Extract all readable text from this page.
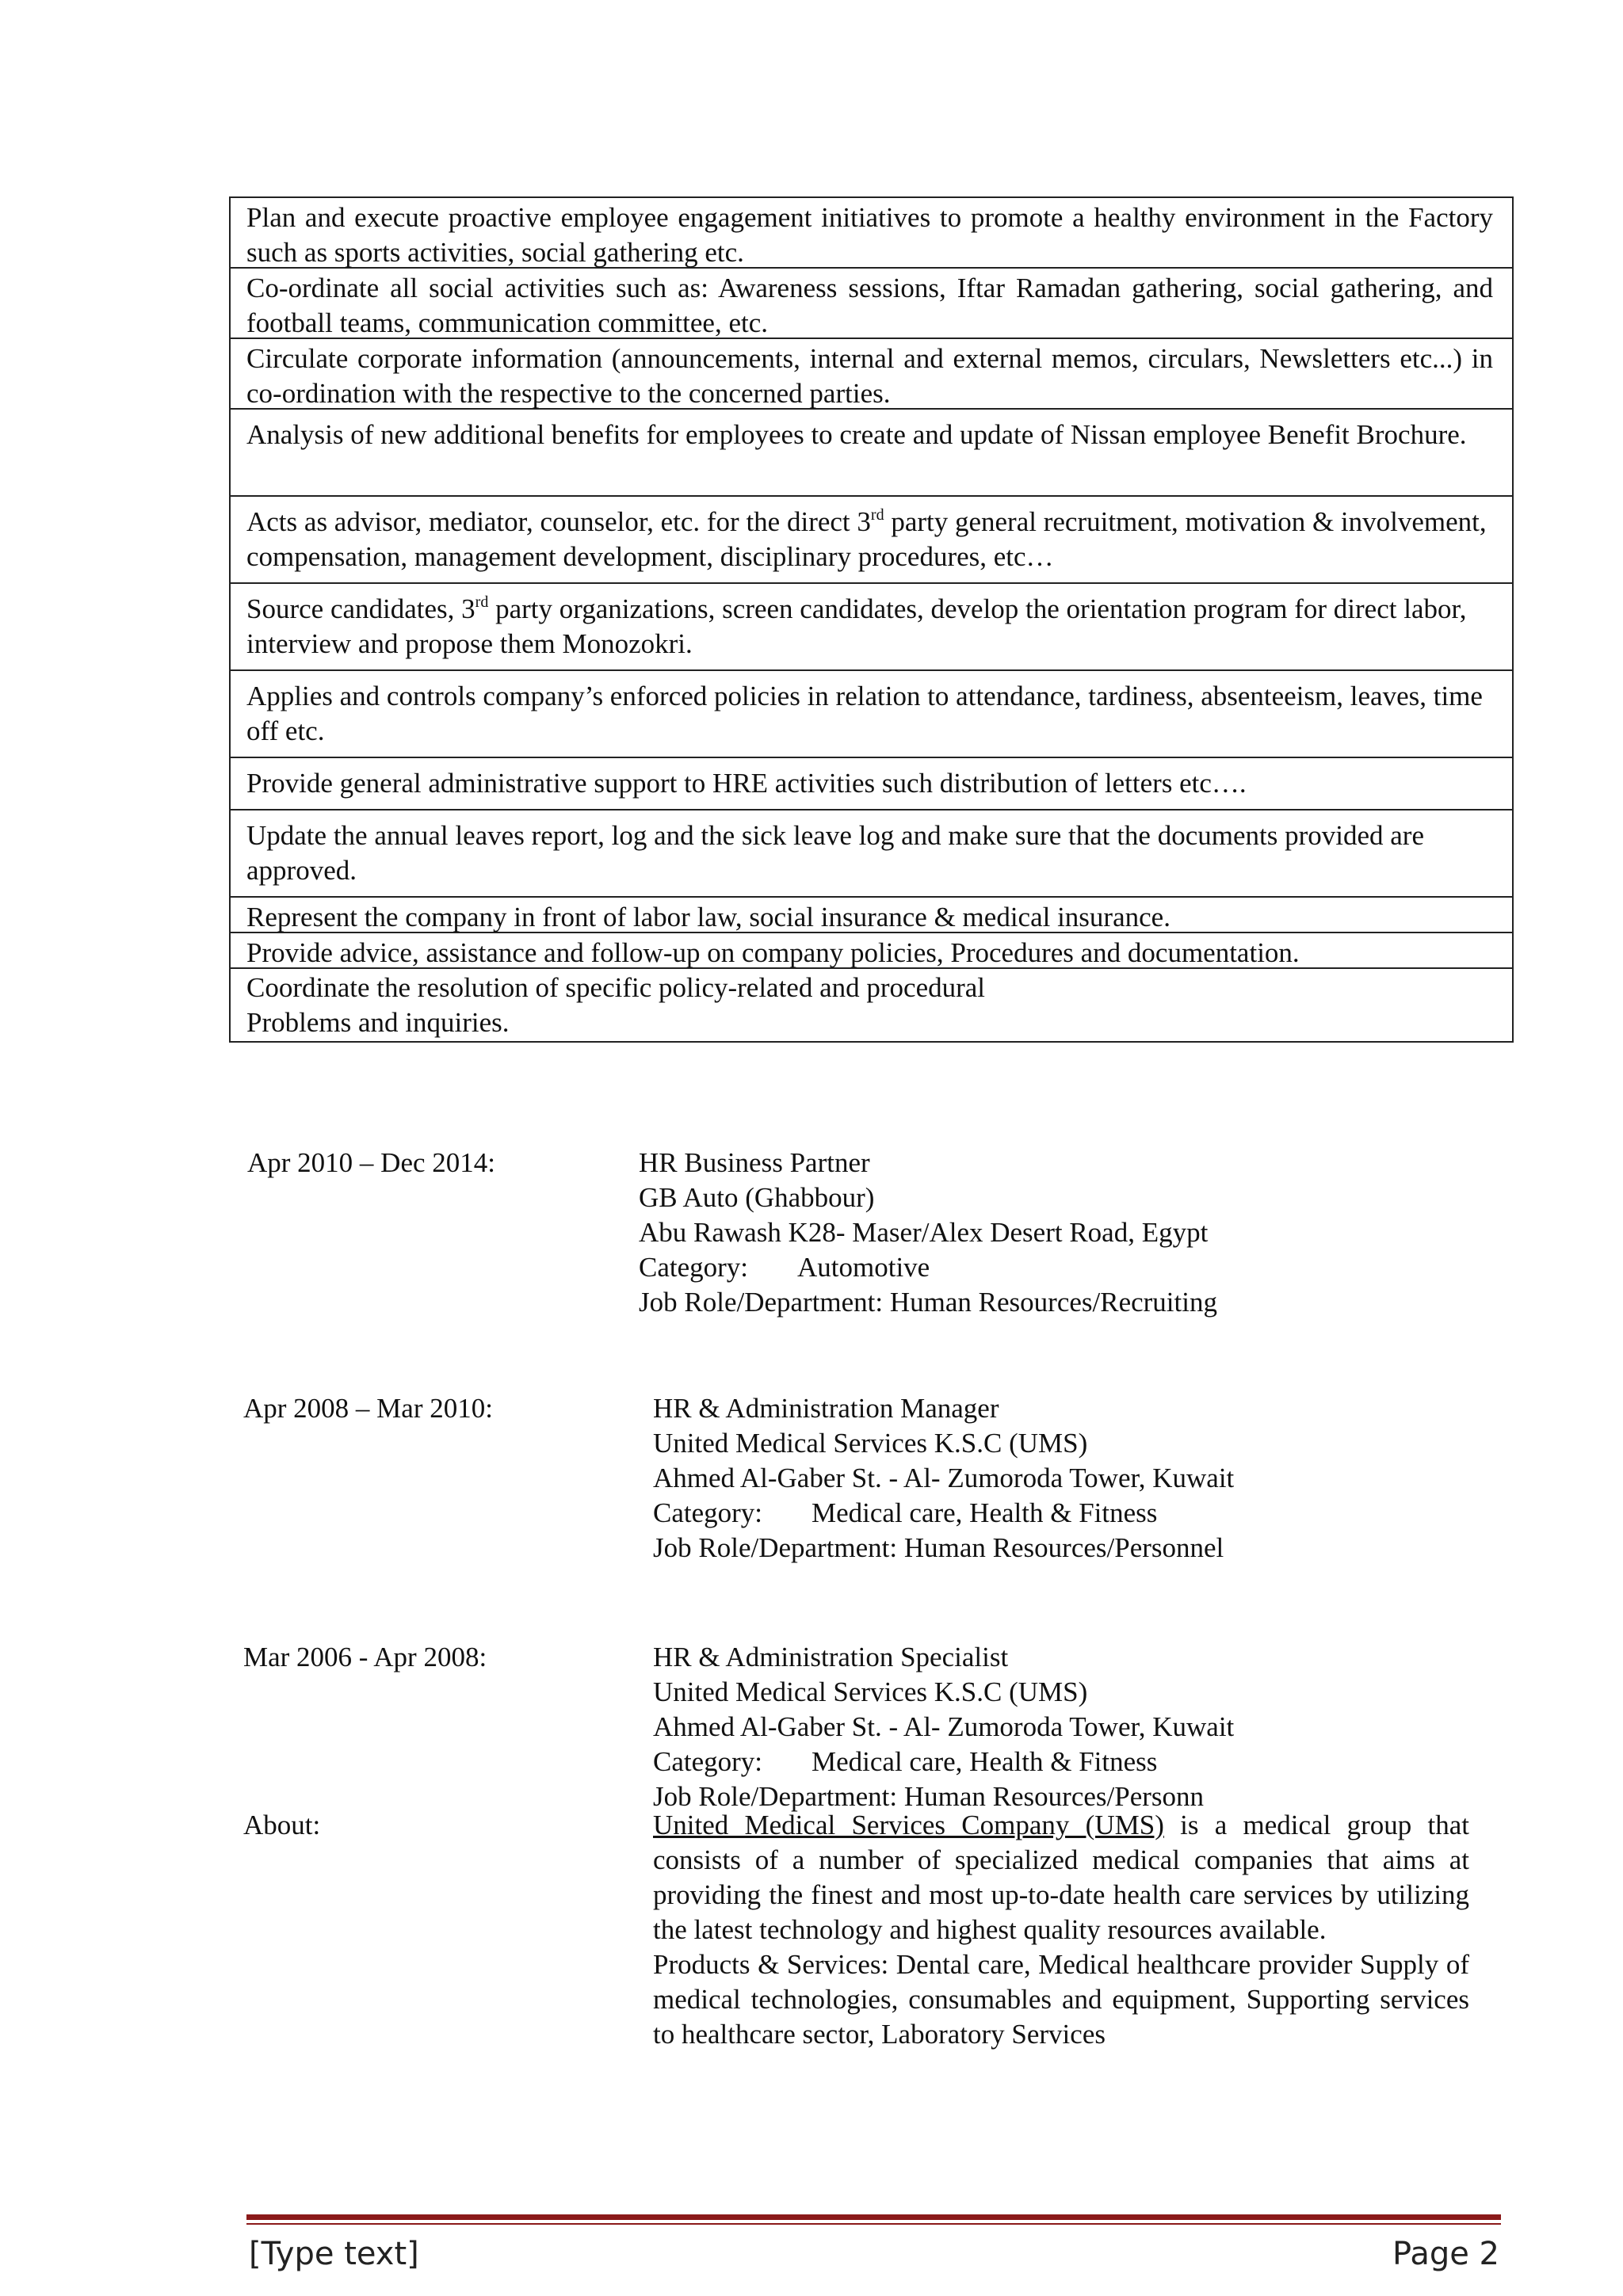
Plan and execute proactive employee engagement initiatives to promote a healthy environment in the Factory such as sports activities, social gathering etc.
Co-ordinate all social activities such as: Awareness sessions, Iftar Ramadan gathering, social gathering, and football teams, communication committee, etc.
Circulate corporate information (announcements, internal and external memos, circulars, Newsletters etc...) in co-ordination with the respective to the concerned parties.
Analysis of new additional benefits for employees to create and update of Nissan employee Benefit Brochure.
Acts as advisor, mediator, counselor, etc. for the direct 3rd party general recruitment, motivation & involvement, compensation, management development, disciplinary procedures, etc…
Source candidates, 3rd party organizations, screen candidates, develop the orientation program for direct labor, interview and propose them Monozokri.
Applies and controls company’s enforced policies in relation to attendance, tardiness, absenteeism, leaves, time off etc.
Provide general administrative support to HRE activities such distribution of letters etc….
Update the annual leaves report, log and the sick leave log and make sure that the documents provided are approved.
Represent the company in front of labor law, social insurance & medical insurance.
Provide advice, assistance and follow-up on company policies, Procedures and documentation.
Coordinate the resolution of specific policy-related and procedural
Problems and inquiries.
Apr 2010 – Dec 2014:	HR Business Partner
GB Auto (Ghabbour)
Abu Rawash K28- Maser/Alex Desert Road, Egypt
Category: Automotive
Job Role/Department: Human Resources/Recruiting
Apr 2008 – Mar 2010:	HR & Administration Manager
United Medical Services K.S.C (UMS)
Ahmed Al-Gaber St. - Al- Zumoroda Tower, Kuwait
Category: Medical care, Health & Fitness
Job Role/Department: Human Resources/Personnel
Mar 2006 - Apr 2008:	HR & Administration Specialist
United Medical Services K.S.C (UMS)
Ahmed Al-Gaber St. - Al- Zumoroda Tower, Kuwait
Category: Medical care, Health & Fitness
Job Role/Department: Human Resources/Personn
About:	United Medical Services Company (UMS) is a medical group that consists of a number of specialized medical companies that aims at providing the finest and most up-to-date health care services by utilizing the latest technology and highest quality resources available.

Products & Services: Dental care, Medical healthcare provider Supply of medical technologies, consumables and equipment, Supporting services to healthcare sector, Laboratory Services

[Type text]	Page 2
